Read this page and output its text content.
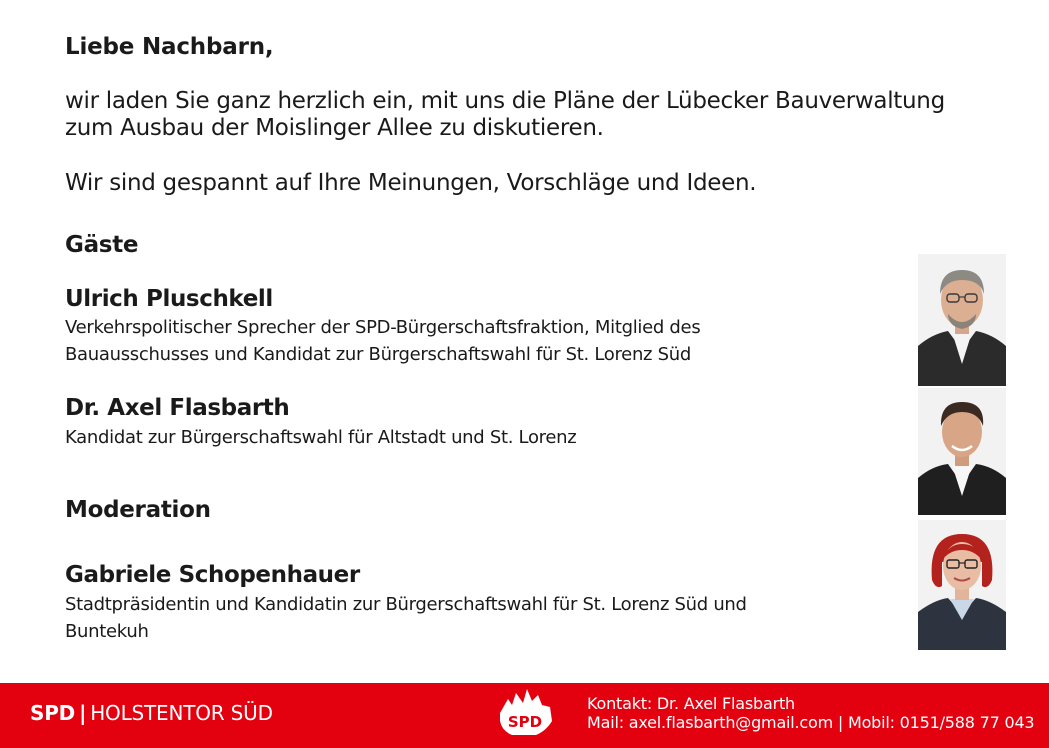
Liebe Nachbarn,

wir laden Sie ganz herzlich ein, mit uns die Pläne der Lübecker Bauverwaltung zum Ausbau der Moislinger Allee zu diskutieren.

Wir sind gespannt auf Ihre Meinungen, Vorschläge und Ideen.

Gäste

Ulrich Pluschkell

Verkehrspolitischer Sprecher der SPD-Bürgerschaftsfraktion, Mitglied des Bauausschusses und Kandidat zur Bürgerschaftswahl für St. Lorenz Süd

Dr. Axel Flasbarth

Kandidat zur Bürgerschaftswahl für Altstadt und St. Lorenz

Moderation

Gabriele Schopenhauer

Stadtpräsidentin und Kandidatin zur Bürgerschaftswahl für St. Lorenz Süd und Buntekuh

SPD | HOLSTENTOR SÜD	SPD
Kontakt: Dr. Axel Flasbarth
Mail: axel.flasbarth@gmail.com | Mobil: 0151/588 77 043
